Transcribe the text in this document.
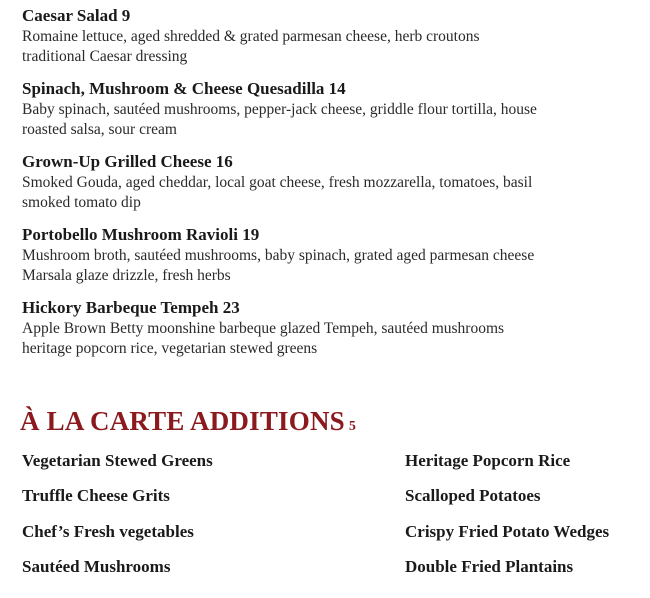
Caesar Salad 9
Romaine lettuce, aged shredded & grated parmesan cheese, herb croutons
traditional Caesar dressing
Spinach, Mushroom & Cheese Quesadilla 14
Baby spinach, sautéed mushrooms, pepper-jack cheese, griddle flour tortilla, house
roasted salsa, sour cream
Grown-Up Grilled Cheese 16
Smoked Gouda, aged cheddar, local goat cheese, fresh mozzarella, tomatoes, basil
smoked tomato dip
Portobello Mushroom Ravioli 19
Mushroom broth, sautéed mushrooms, baby spinach, grated aged parmesan cheese
Marsala glaze drizzle, fresh herbs
Hickory Barbeque Tempeh 23
Apple Brown Betty moonshine barbeque glazed Tempeh, sautéed mushrooms
heritage popcorn rice, vegetarian stewed greens
À LA CARTE ADDITIONS 5
Vegetarian Stewed Greens	Heritage Popcorn Rice
Truffle Cheese Grits	Scalloped Potatoes
Chef’s Fresh vegetables	Crispy Fried Potato Wedges
Sautéed Mushrooms	Double Fried Plantains
